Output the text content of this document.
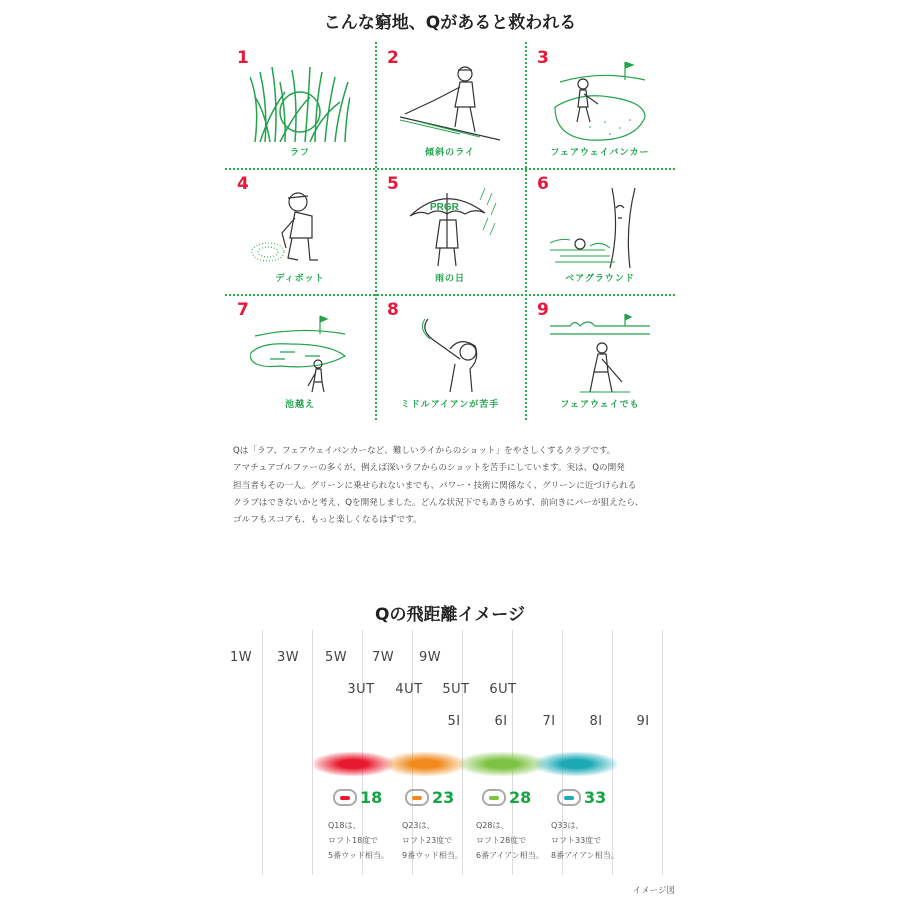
こんな窮地、Qがあると救われる
1
ラフ
2
傾斜のライ
3
フェアウェイバンカー
4
ディボット
5
PRGR
雨の日
6
ベアグラウンド
7
池越え
8
ミドルアイアンが苦手
9
フェアウェイでも

Qは「ラフ、フェアウェイバンカーなど、難しいライからのショット」をやさしくするクラブです。

アマチュアゴルファーの多くが、例えば深いラフからのショットを苦手にしています。実は、Qの開発

担当者もその一人。グリーンに乗せられないまでも、パワー・技術に関係なく、グリーンに近づけられる

クラブはできないかと考え、Qを開発しました。どんな状況下でもあきらめず、前向きにパーが狙えたら、

ゴルフもスコアも、もっと楽しくなるはずです。

Qの飛距離イメージ
1W 3W 5W 7W 9W
3UT 4UT 5UT 6UT
5I	6I	7I	8I	9I
18	23	28	33
Q18は、
ロフト18度で
5番ウッド相当。
Q23は、
ロフト23度で
9番ウッド相当。
Q28は、
ロフト28度で
6番アイアン相当。
Q33は、
ロフト33度で
8番アイアン相当。
イメージ図
